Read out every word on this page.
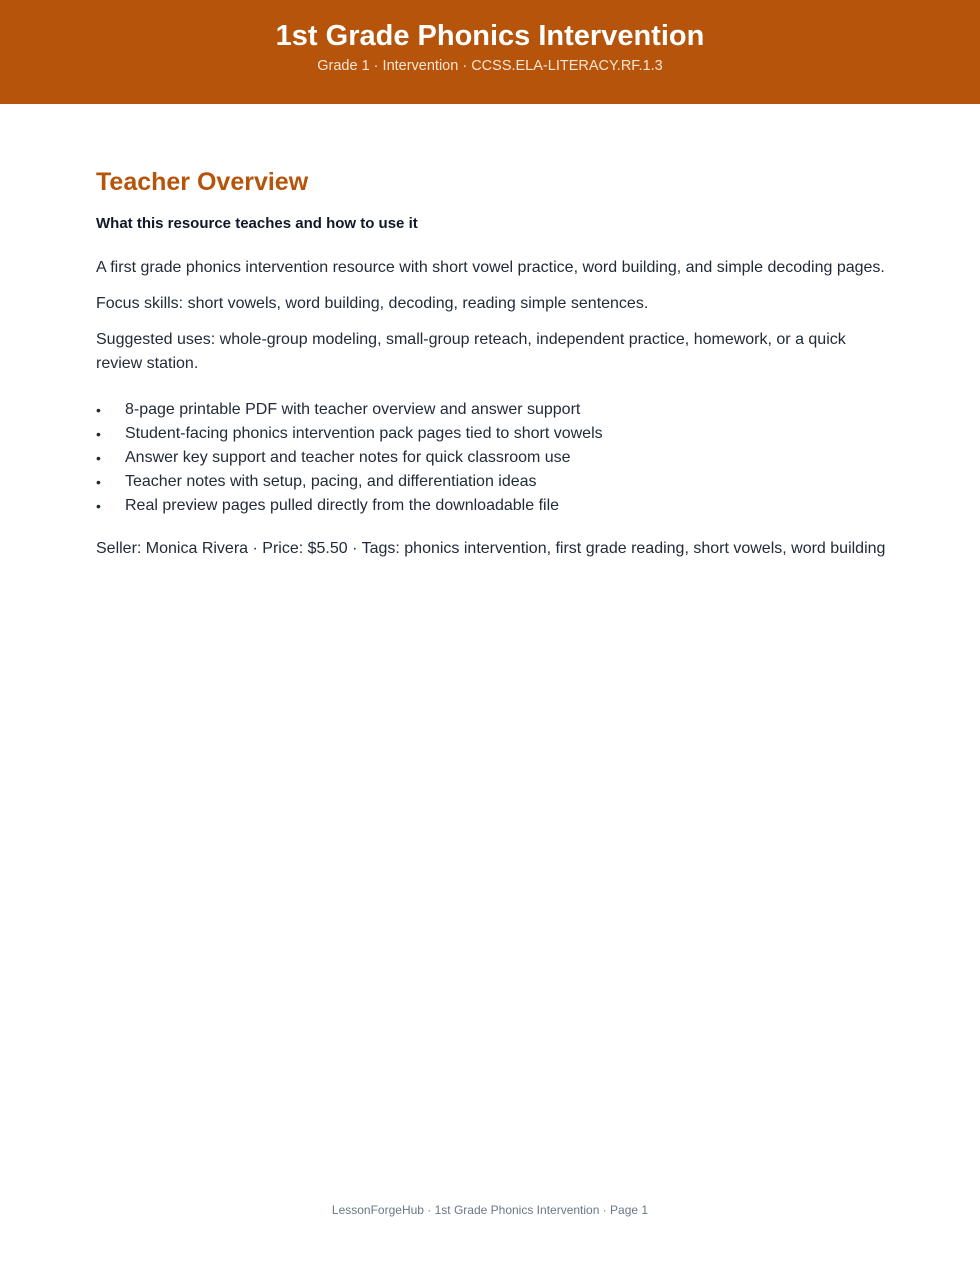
1st Grade Phonics Intervention
Grade 1 · Intervention · CCSS.ELA-LITERACY.RF.1.3
Teacher Overview
What this resource teaches and how to use it

A first grade phonics intervention resource with short vowel practice, word building, and simple decoding pages.

Focus skills: short vowels, word building, decoding, reading simple sentences.

Suggested uses: whole-group modeling, small-group reteach, independent practice, homework, or a quick review station.

• 8-page printable PDF with teacher overview and answer support
• Student-facing phonics intervention pack pages tied to short vowels
• Answer key support and teacher notes for quick classroom use
• Teacher notes with setup, pacing, and differentiation ideas
• Real preview pages pulled directly from the downloadable file

Seller: Monica Rivera · Price: $5.50 · Tags: phonics intervention, first grade reading, short vowels, word building

LessonForgeHub · 1st Grade Phonics Intervention · Page 1
